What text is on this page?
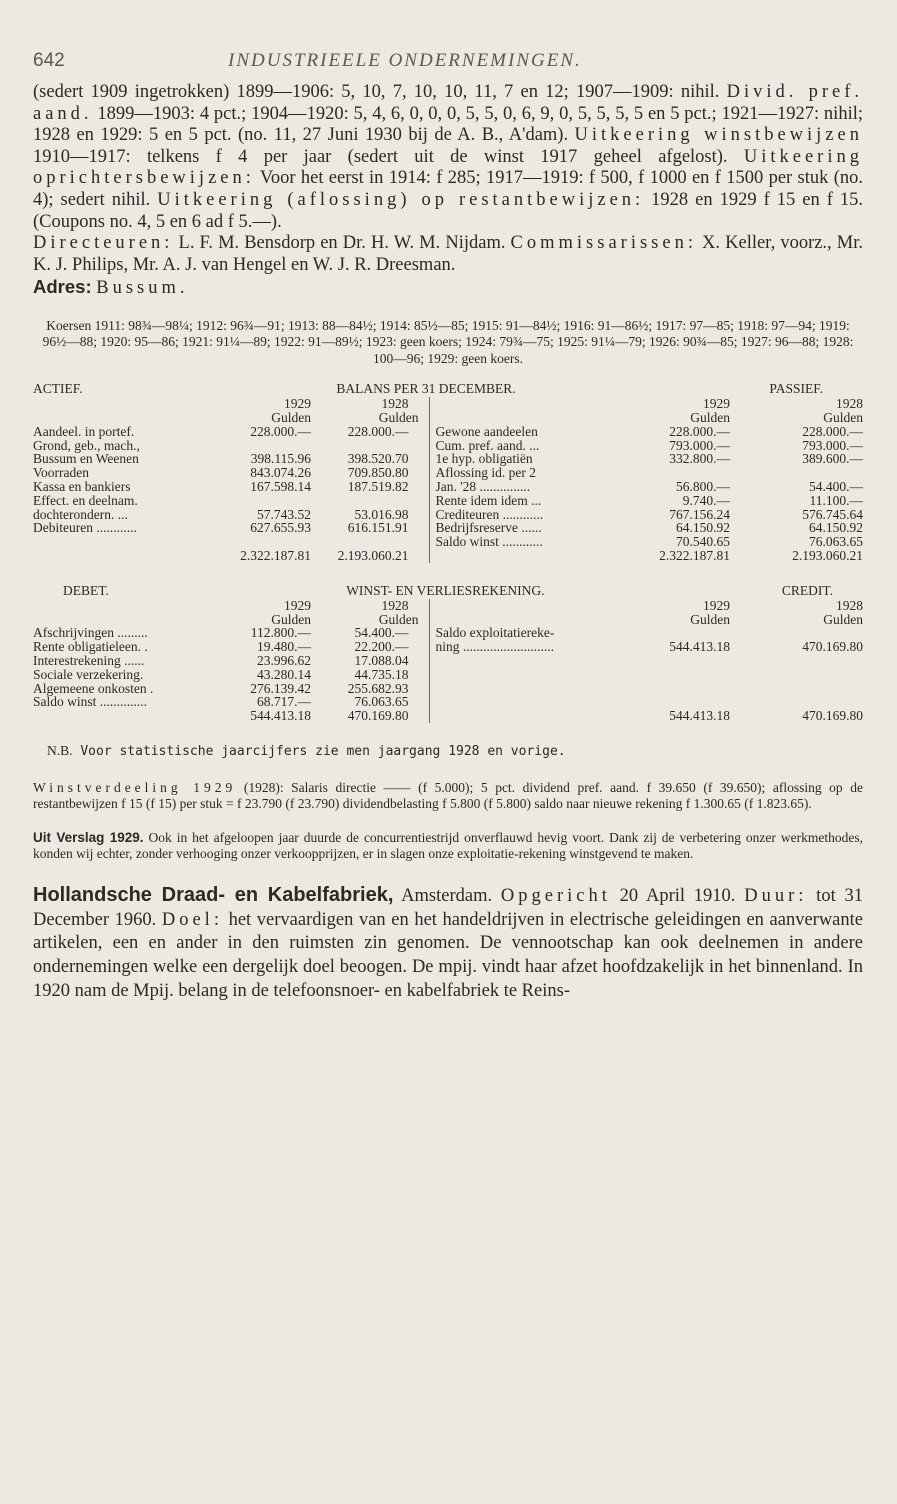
642	INDUSTRIEELE ONDERNEMINGEN.
(sedert 1909 ingetrokken) 1899—1906: 5, 10, 7, 10, 10, 11, 7 en 12; 1907—1909: nihil. Divid. pref. aand. 1899—1903: 4 pct.; 1904—1920: 5, 4, 6, 0, 0, 0, 5, 5, 0, 6, 9, 0, 5, 5, 5, 5 en 5 pct.; 1921—1927: nihil; 1928 en 1929: 5 en 5 pct. (no. 11, 27 Juni 1930 bij de A. B., A'dam). Uitkeering winstbewijzen 1910—1917: telkens f 4 per jaar (sedert uit de winst 1917 geheel afgelost). Uitkeering oprichtersbewijzen: Voor het eerst in 1914: f 285; 1917—1919: f 500, f 1000 en f 1500 per stuk (no. 4); sedert nihil. Uitkeering (aflossing) op restantbewijzen: 1928 en 1929 f 15 en f 15. (Coupons no. 4, 5 en 6 ad f 5.—).
Directeuren: L. F. M. Bensdorp en Dr. H. W. M. Nijdam. Commissarissen: X. Keller, voorz., Mr. K. J. Philips, Mr. A. J. van Hengel en W. J. R. Dreesman.
Adres: Bussum.
Koersen 1911: 98¾—98¼; 1912: 96¾—91; 1913: 88—84½; 1914: 85½—85; 1915: 91—84½; 1916: 91—86½; 1917: 97—85; 1918: 97—94; 1919: 96½—88; 1920: 95—86; 1921: 91¼—89; 1922: 91—89½; 1923: geen koers; 1924: 79¾—75; 1925: 91¼—79; 1926: 90¾—85; 1927: 96—88; 1928: 100—96; 1929: geen koers.
ACTIEF.	BALANS PER 31 DECEMBER.	PASSIEF.
	1929	1928		1929	1928
	Gulden	Gulden		Gulden	Gulden
Aandeel. in portef.	228.000.—	228.000.—	Gewone aandeelen	228.000.—	228.000.—
Grond, geb., mach.,			Cum. pref. aand. ...	793.000.—	793.000.—
Bussum en Weenen	398.115.96	398.520.70	1e hyp. obligatiën	332.800.—	389.600.—
Voorraden	843.074.26	709.850.80	Aflossing id. per 2		
Kassa en bankiers	167.598.14	187.519.82	Jan. '28 ...............	56.800.—	54.400.—
Effect. en deelnam.			Rente idem idem ...	9.740.—	11.100.—
dochterondern. ...	57.743.52	53.016.98	Crediteuren ............	767.156.24	576.745.64
Debiteuren ............	627.655.93	616.151.91	Bedrijfsreserve ......	64.150.92	64.150.92
			Saldo winst ............	70.540.65	76.063.65
	2.322.187.81	2.193.060.21		2.322.187.81	2.193.060.21
DEBET.	WINST- EN VERLIESREKENING.	CREDIT.
	1929	1928		1929	1928
	Gulden	Gulden		Gulden	Gulden
Afschrijvingen .........	112.800.—	54.400.—	Saldo exploitatiereke-		
Rente obligatieleen. .	19.480.—	22.200.—	ning ...........................	544.413.18	470.169.80
Interestrekening ......	23.996.62	17.088.04			
Sociale verzekering.	43.280.14	44.735.18			
Algemeene onkosten .	276.139.42	255.682.93			
Saldo winst ..............	68.717.—	76.063.65			
	544.413.18	470.169.80		544.413.18	470.169.80
N.B. Voor statistische jaarcijfers zie men jaargang 1928 en vorige.
Winstverdeeling 1929 (1928): Salaris directie —— (f 5.000); 5 pct. dividend pref. aand. f 39.650 (f 39.650); aflossing op de restantbewijzen f 15 (f 15) per stuk = f 23.790 (f 23.790) dividendbelasting f 5.800 (f 5.800) saldo naar nieuwe rekening f 1.300.65 (f 1.823.65).
Uit Verslag 1929. Ook in het afgeloopen jaar duurde de concurrentiestrijd onverflauwd hevig voort. Dank zij de verbetering onzer werkmethodes, konden wij echter, zonder verhooging onzer verkoopprijzen, er in slagen onze exploitatie-rekening winstgevend te maken.
Hollandsche Draad- en Kabelfabriek, Amsterdam. Opgericht 20 April 1910. Duur: tot 31 December 1960. Doel: het vervaardigen van en het handeldrijven in electrische geleidingen en aanverwante artikelen, een en ander in den ruimsten zin genomen. De vennootschap kan ook deelnemen in andere ondernemingen welke een dergelijk doel beoogen. De mpij. vindt haar afzet hoofdzakelijk in het binnenland. In 1920 nam de Mpij. belang in de telefoonsnoer- en kabelfabriek te Reins-
